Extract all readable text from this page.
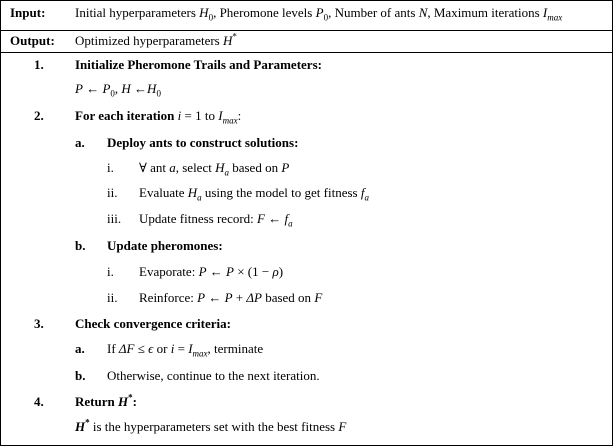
Input: Initial hyperparameters $H_0$, Pheromone levels $P_0$, Number of ants N, Maximum iterations $I_{max}$
Output: Optimized hyperparameters H*
1. Initialize Pheromone Trails and Parameters:
P ← $P_0$, H $\leftarrow H_0$
2. For each iteration i = 1 to $I_{max}$:
a. Deploy ants to construct solutions:
i. ∀ ant a, select $H_a$ based on P
ii. Evaluate $H_a$ using the model to get fitness $f_a$
iii. Update fitness record: F ← $f_a$
b. Update pheromones:
i. Evaporate: P ← P × (1 − ρ)
ii. Reinforce: P ← P + ΔP based on F
3. Check convergence criteria:
a. If ΔF ≤ ϵ or $i = I_{max}$, terminate
b. Otherwise, continue to the next iteration.
4. Return H*:
H* is the hyperparameters set with the best fitness F
